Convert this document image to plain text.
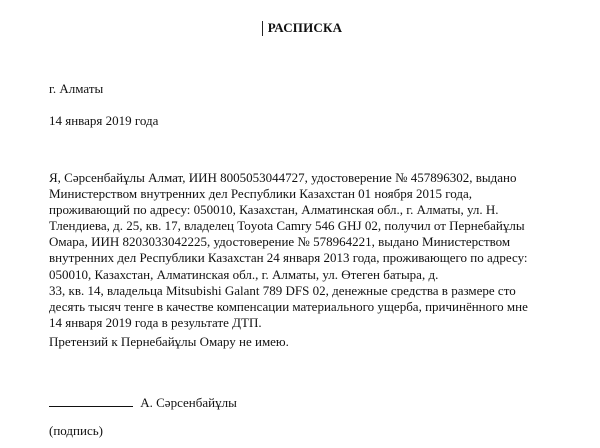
РАСПИСКА
г. Алматы
14 января 2019 года
Я, Сәрсенбайұлы Алмат, ИИН 8005053044727, удостоверение № 457896302, выдано
Министерством внутренних дел Республики Казахстан 01 ноября 2015 года,
проживающий по адресу: 050010, Казахстан, Алматинская обл., г. Алматы, ул. Н.
Тлендиева, д. 25, кв. 17, владелец Toyota Camry 546 GHJ 02, получил от Пернебайұлы
Омара, ИИН 8203033042225, удостоверение № 578964221, выдано Министерством
внутренних дел Республики Казахстан 24 января 2013 года, проживающего по адресу:
050010, Казахстан, Алматинская обл., г. Алматы, ул. Өтеген батыра, д.
33, кв. 14, владельца Mitsubishi Galant 789 DFS 02, денежные средства в размере сто
десять тысяч тенге в качестве компенсации материального ущерба, причинённого мне
14 января 2019 года в результате ДТП.
Претензий к Пернебайұлы Омару не имею.
А. Сәрсенбайұлы
(подпись)
